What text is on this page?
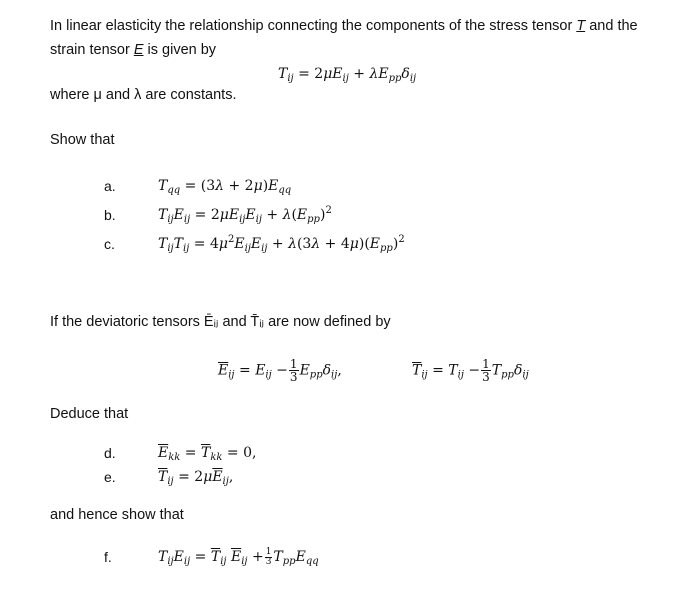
In linear elasticity the relationship connecting the components of the stress tensor T and the
strain tensor E is given by
$T_{ij} = 2\mu E_{ij} + \lambda E_{pp}\delta_{ij}$
where μ and λ are constants.
Show that
a.	$T_{qq} = (3\lambda + 2\mu)E_{qq}$
b.	$T_{ij}E_{ij} = 2\mu E_{ij}E_{ij} + \lambda(E_{pp})^2$
c.	$T_{ij}T_{ij} = 4\mu^2E_{ij}E_{ij} + \lambda(3\lambda + 4\mu)(E_{pp})^2$
If the deviatoric tensors Ēᵢⱼ and T̄ᵢⱼ are now defined by
$\overline{E}_{ij} = E_{ij} - \frac{1}{3} E_{pp}\delta_{ij}$,	$\overline{T}_{ij} = T_{ij} - \frac{1}{3} T_{pp}\delta_{ij}$
Deduce that
d.	$\overline{E}_{kk} = \overline{T}_{kk} = 0$,
e.	$\overline{T}_{ij} = 2\mu\overline{E}_{ij}$,
and hence show that
f.	$T_{ij}E_{ij} = \overline{T}_{ij}$ $\overline{E}_{ij} + \frac{1}{3} T_{pp}E_{qq}$
